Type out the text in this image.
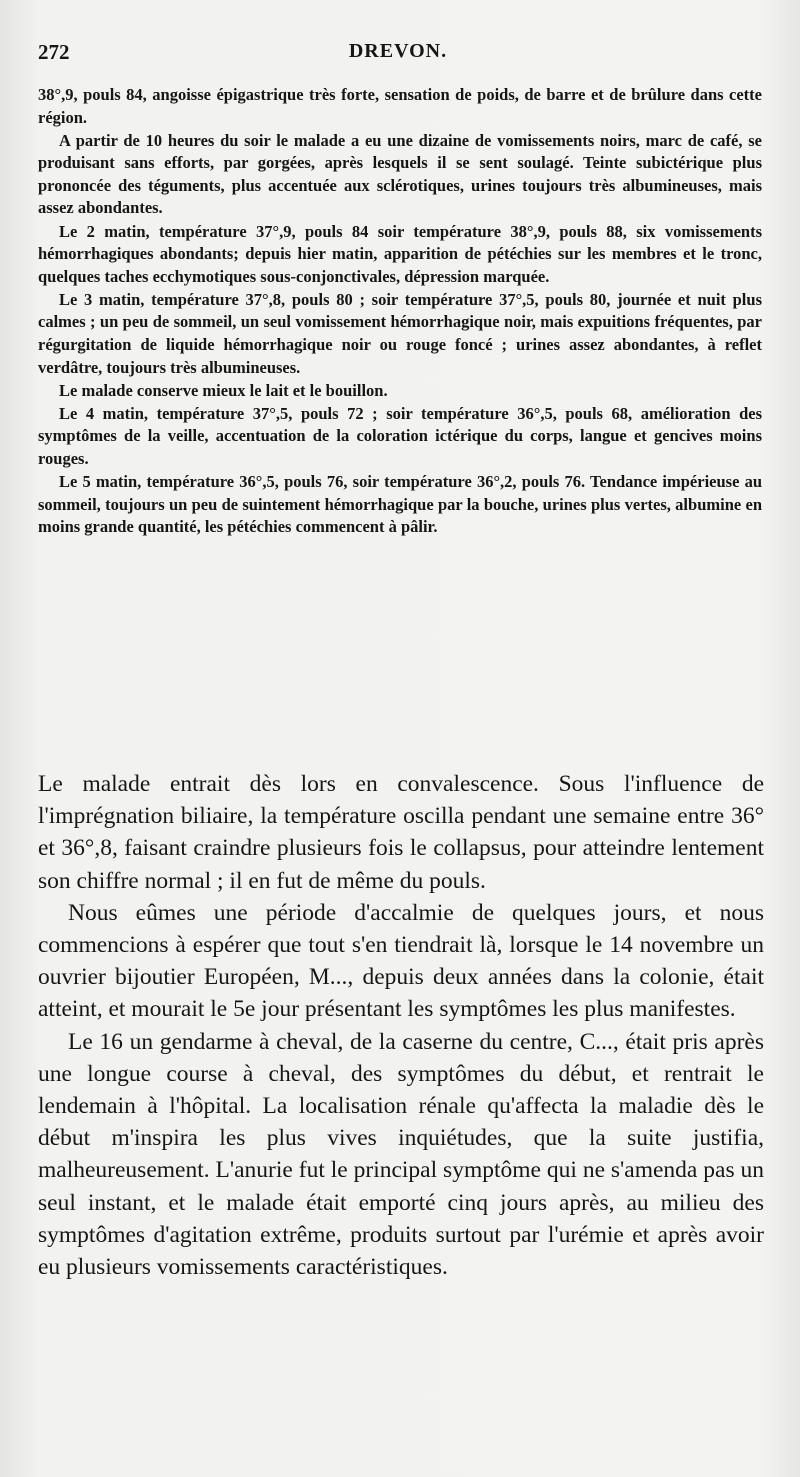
272	DREVON.

38°,9, pouls 84, angoisse épigastrique très forte, sensation de poids, de barre et de brûlure dans cette région.

A partir de 10 heures du soir le malade a eu une dizaine de vomissements noirs, marc de café, se produisant sans efforts, par gorgées, après lesquels il se sent soulagé. Teinte subictérique plus prononcée des téguments, plus accentuée aux sclérotiques, urines toujours très albumineuses, mais assez abondantes.

Le 2 matin, température 37°,9, pouls 84 soir température 38°,9, pouls 88, six vomissements hémorrhagiques abondants; depuis hier matin, apparition de pétéchies sur les membres et le tronc, quelques taches ecchymotiques sous-conjonctivales, dépression marquée.

Le 3 matin, température 37°,8, pouls 80 ; soir température 37°,5, pouls 80, journée et nuit plus calmes ; un peu de sommeil, un seul vomissement hémorrhagique noir, mais expuitions fréquentes, par régurgitation de liquide hémorrhagique noir ou rouge foncé ; urines assez abondantes, à reflet verdâtre, toujours très albumineuses.

Le malade conserve mieux le lait et le bouillon.

Le 4 matin, température 37°,5, pouls 72 ; soir température 36°,5, pouls 68, amélioration des symptômes de la veille, accentuation de la coloration ictérique du corps, langue et gencives moins rouges.

Le 5 matin, température 36°,5, pouls 76, soir température 36°,2, pouls 76. Tendance impérieuse au sommeil, toujours un peu de suintement hémorrhagique par la bouche, urines plus vertes, albumine en moins grande quantité, les pétéchies commencent à pâlir.

Le malade entrait dès lors en convalescence. Sous l'influence de l'imprégnation biliaire, la température oscilla pendant une semaine entre 36° et 36°,8, faisant craindre plusieurs fois le collapsus, pour atteindre lentement son chiffre normal ; il en fut de même du pouls.

Nous eûmes une période d'accalmie de quelques jours, et nous commencions à espérer que tout s'en tiendrait là, lorsque le 14 novembre un ouvrier bijoutier Européen, M..., depuis deux années dans la colonie, était atteint, et mourait le 5e jour présentant les symptômes les plus manifestes.

Le 16 un gendarme à cheval, de la caserne du centre, C..., était pris après une longue course à cheval, des symptômes du début, et rentrait le lendemain à l'hôpital. La localisation rénale qu'affecta la maladie dès le début m'inspira les plus vives inquiétudes, que la suite justifia, malheureusement. L'anurie fut le principal symptôme qui ne s'amenda pas un seul instant, et le malade était emporté cinq jours après, au milieu des symptômes d'agitation extrême, produits surtout par l'urémie et après avoir eu plusieurs vomissements caractéristiques.
